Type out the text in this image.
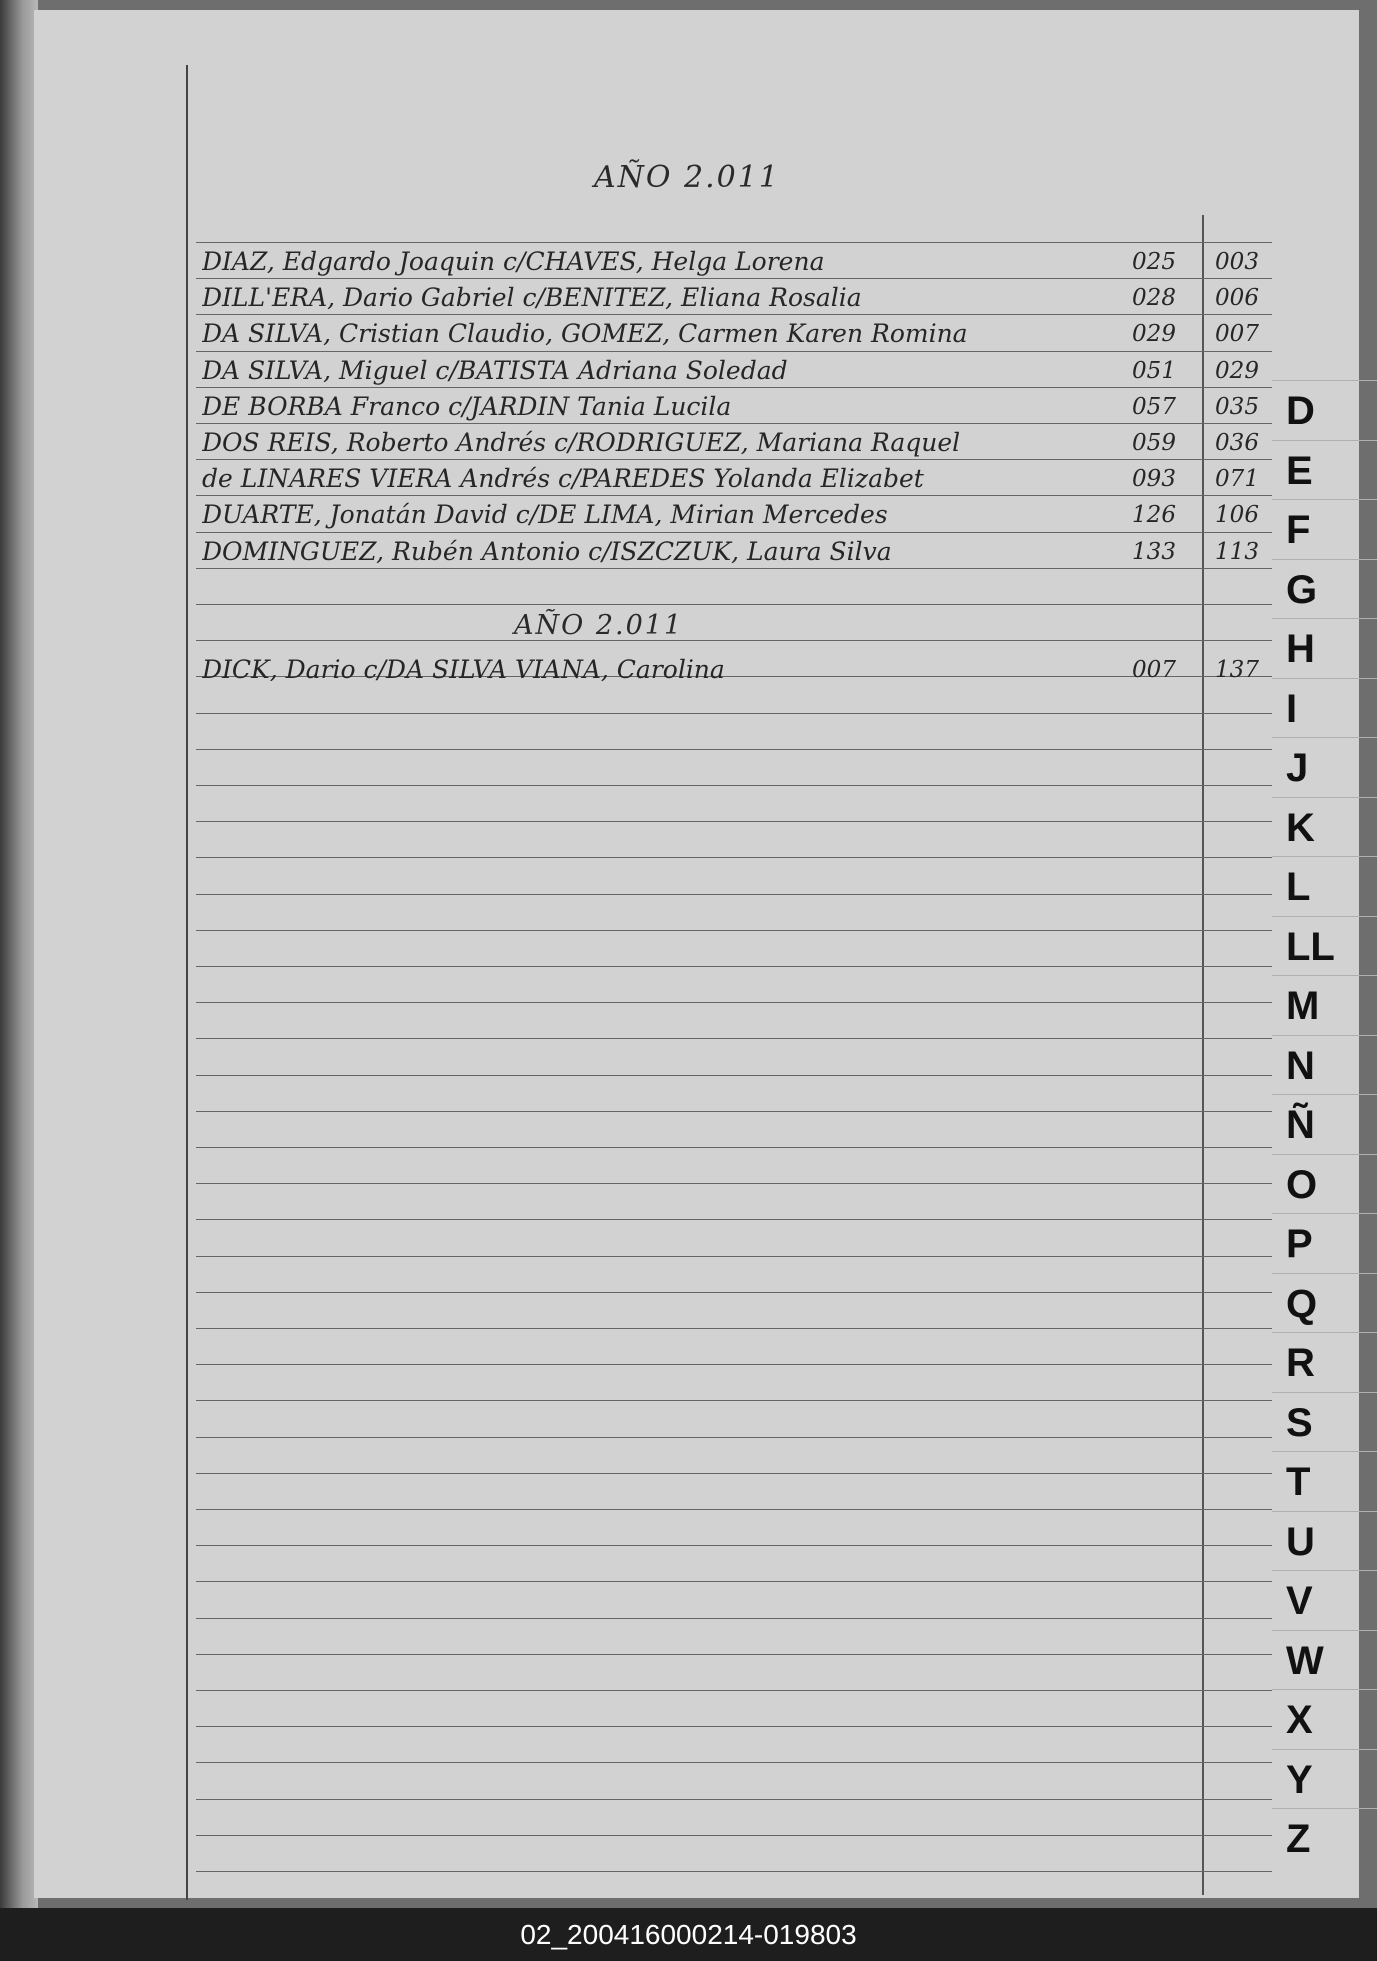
AÑO 2.011
DIAZ, Edgardo Joaquin c/CHAVES, Helga Lorena	025	003
DILL'ERA, Dario Gabriel c/BENITEZ, Eliana Rosalia	028	006
DA SILVA, Cristian Claudio, GOMEZ, Carmen Karen Romina	029	007
DA SILVA, Miguel c/BATISTA Adriana Soledad	051	029
DE BORBA Franco c/JARDIN Tania Lucila	057	035
DOS REIS, Roberto Andrés c/RODRIGUEZ, Mariana Raquel	059	036
de LINARES VIERA Andrés c/PAREDES Yolanda Elizabet	093	071
DUARTE, Jonatán David c/DE LIMA, Mirian Mercedes	126	106
DOMINGUEZ, Rubén Antonio c/ISZCZUK, Laura Silva	133	113
AÑO 2.011
DICK, Dario c/DA SILVA VIANA, Carolina	007	137
D
E
F
G
H
I
J
K
L
LL
M
N
Ñ
O
P
Q
R
S
T
U
V
W
X
Y
Z
02_200416000214-019803
